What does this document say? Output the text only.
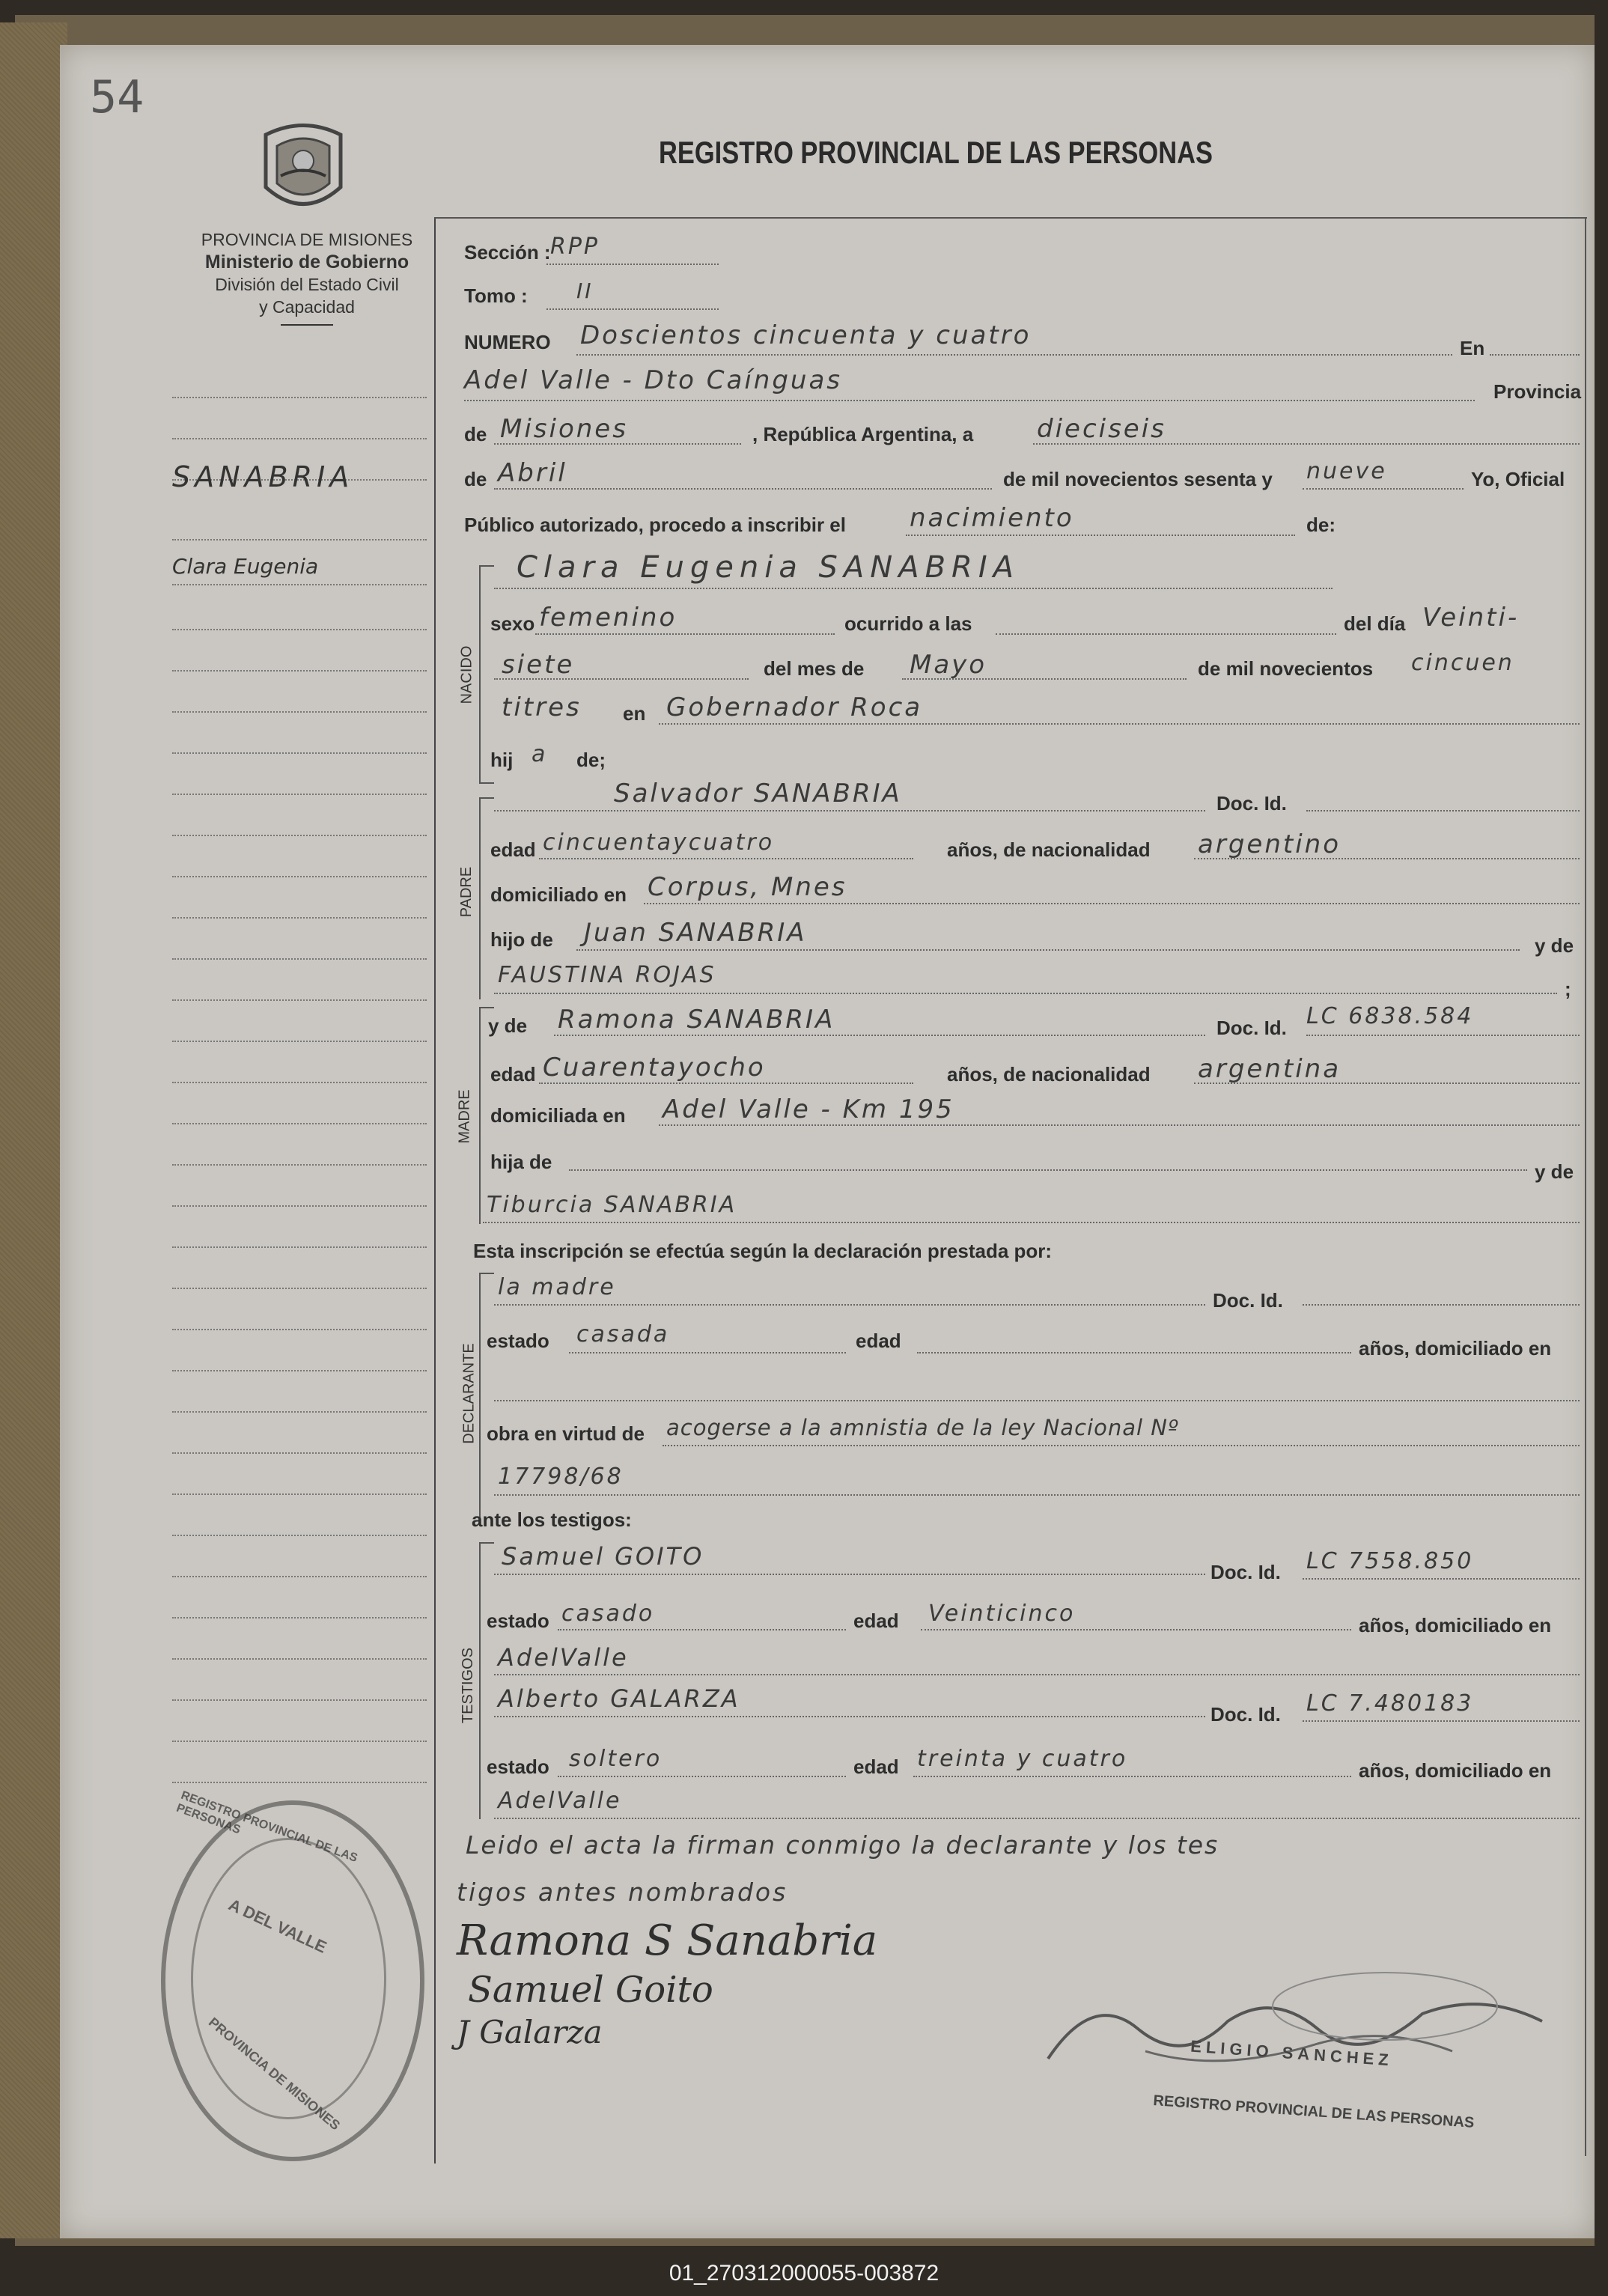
54
REGISTRO PROVINCIAL DE LAS PERSONAS
PROVINCIA DE MISIONES
Ministerio de Gobierno
División del Estado Civil
y Capacidad
SANABRIA
Clara Eugenia
Sección : RPP
Tomo : II
NUMERO Doscientos cincuenta y cuatro	En
Adel Valle - Dto Caínguas	Provincia
de Misiones	, República Argentina, a dieciseis
de Abril	de mil novecientos sesenta y nueve	Yo, Oficial
Público autorizado, procedo a inscribir el	nacimiento	de:
NACIDO
Clara Eugenia SANABRIA
sexo femenino	ocurrido a las	del día Veinti-
siete	del mes de Mayo	de mil novecientos cincuen
titres en Gobernador Roca
hij a de;
PADRE
Salvador SANABRIA	Doc. Id.
edad cincuentaycuatro	años, de nacionalidad argentino
domiciliado en Corpus, Mnes
hijo de Juan SANABRIA	y de
FAUSTINA ROJAS
;
MADRE
y de Ramona SANABRIA	Doc. Id. LC 6838.584
edad Cuarentayocho	años, de nacionalidad argentina
domiciliada en Adel Valle - Km 195
hija de	y de
Tiburcia SANABRIA
Esta inscripción se efectúa según la declaración prestada por:
DECLARANTE
la madre	Doc. Id.
estado casada	edad	años, domiciliado en
obra en virtud de acogerse a la amnistia de la ley Nacional Nº
17798/68
ante los testigos:
TESTIGOS
Samuel GOITO
Doc. Id. LC 7558.850
estado casado	edad Veinticinco	años, domiciliado en
AdelValle
Alberto GALARZA
Doc. Id. LC 7.480183
estado soltero	edad treinta y cuatro	años, domiciliado en
AdelValle
Leido el acta la firman conmigo la declarante y los tes
tigos antes nombrados
Ramona S Sanabria
Samuel Goito
J Galarza
ELIGIO SANCHEZ
REGISTRO PROVINCIAL DE LAS PERSONAS
REGISTRO PROVINCIAL DE LAS PERSONAS
A DEL VALLE
PROVINCIA DE MISIONES
01_270312000055-003872
